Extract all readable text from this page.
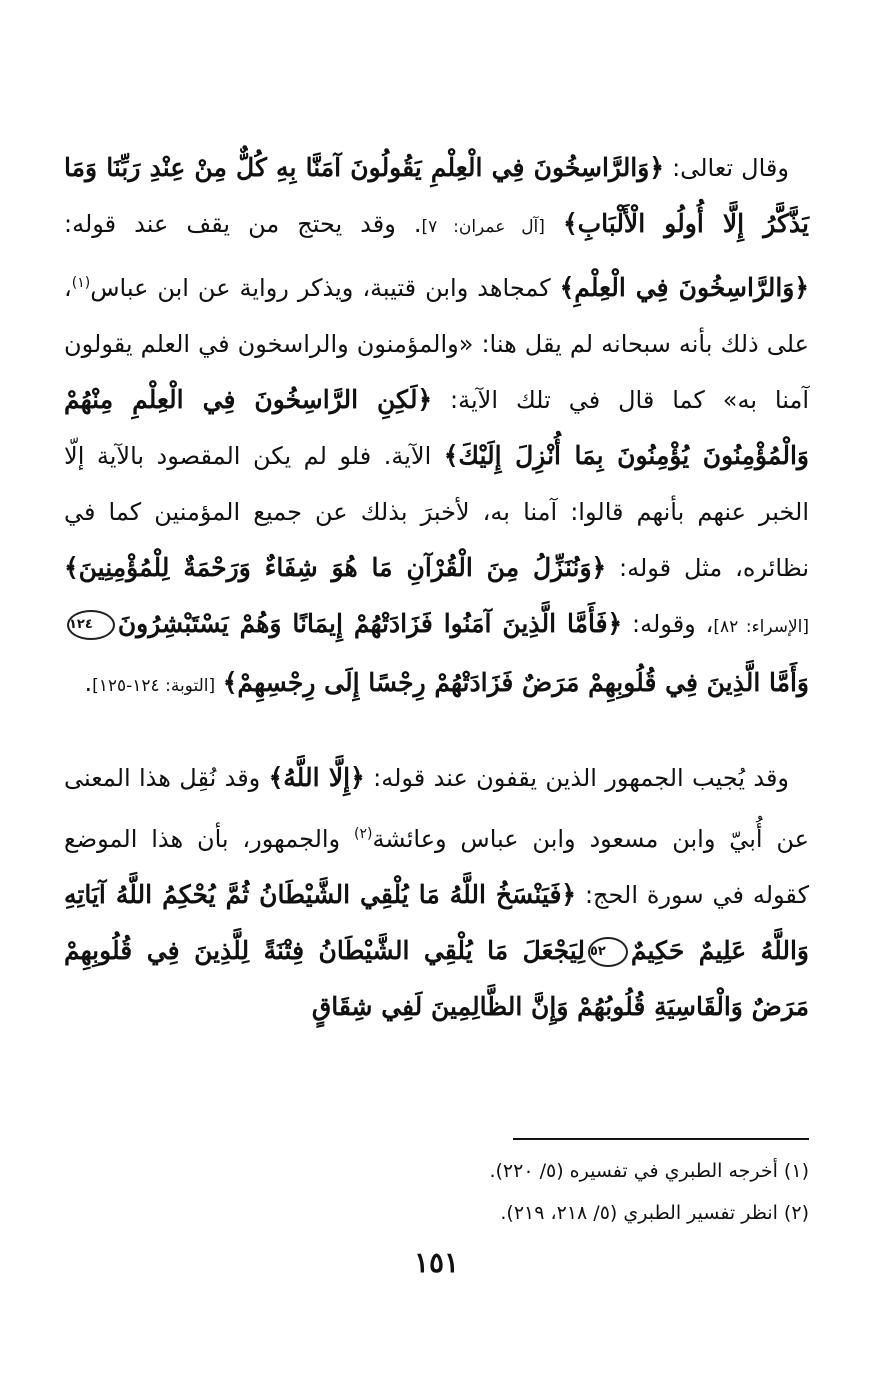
وقال تعالى: ﴿وَالرَّاسِخُونَ فِي الْعِلْمِ يَقُولُونَ آمَنَّا بِهِ كُلٌّ مِنْ عِنْدِ رَبِّنَا وَمَا يَذَّكَّرُ إِلَّا أُولُو الْأَلْبَابِ﴾ [آل عمران: ٧]. وقد يحتج من يقف عند قوله: ﴿وَالرَّاسِخُونَ فِي الْعِلْمِ﴾ كمجاهد وابن قتيبة، ويذكر رواية عن ابن عباس$^{(١)}$، على ذلك بأنه سبحانه لم يقل هنا: «والمؤمنون والراسخون في العلم يقولون آمنا به» كما قال في تلك الآية: ﴿لَكِنِ الرَّاسِخُونَ فِي الْعِلْمِ مِنْهُمْ وَالْمُؤْمِنُونَ يُؤْمِنُونَ بِمَا أُنْزِلَ إِلَيْكَ﴾ الآية. فلو لم يكن المقصود بالآية إلّا الخبر عنهم بأنهم قالوا: آمنا به، لأخبرَ بذلك عن جميع المؤمنين كما في نظائره، مثل قوله: ﴿وَنُنَزِّلُ مِنَ الْقُرْآنِ مَا هُوَ شِفَاءٌ وَرَحْمَةٌ لِلْمُؤْمِنِينَ﴾ [الإسراء: ٨٢]، وقوله: ﴿فَأَمَّا الَّذِينَ آمَنُوا فَزَادَتْهُمْ إِيمَانًا وَهُمْ يَسْتَبْشِرُونَ١٢٤وَأَمَّا الَّذِينَ فِي قُلُوبِهِمْ مَرَضٌ فَزَادَتْهُمْ رِجْسًا إِلَى رِجْسِهِمْ﴾ [التوبة: ١٢٤-١٢٥].

وقد يُجيب الجمهور الذين يقفون عند قوله: ﴿إِلَّا اللَّهُ﴾ وقد نُقِل هذا المعنى عن أُبيّ وابن مسعود وابن عباس وعائشة$^{(٢)}$ والجمهور، بأن هذا الموضع كقوله في سورة الحج: ﴿فَيَنْسَخُ اللَّهُ مَا يُلْقِي الشَّيْطَانُ ثُمَّ يُحْكِمُ اللَّهُ آيَاتِهِ وَاللَّهُ عَلِيمٌ حَكِيمٌ٥٢لِيَجْعَلَ مَا يُلْقِي الشَّيْطَانُ فِتْنَةً لِلَّذِينَ فِي قُلُوبِهِمْ مَرَضٌ وَالْقَاسِيَةِ قُلُوبُهُمْ وَإِنَّ الظَّالِمِينَ لَفِي شِقَاقٍ

(١) أخرجه الطبري في تفسيره (٥/ ٢٢٠).

(٢) انظر تفسير الطبري (٥/ ٢١٨، ٢١٩).

١٥١
